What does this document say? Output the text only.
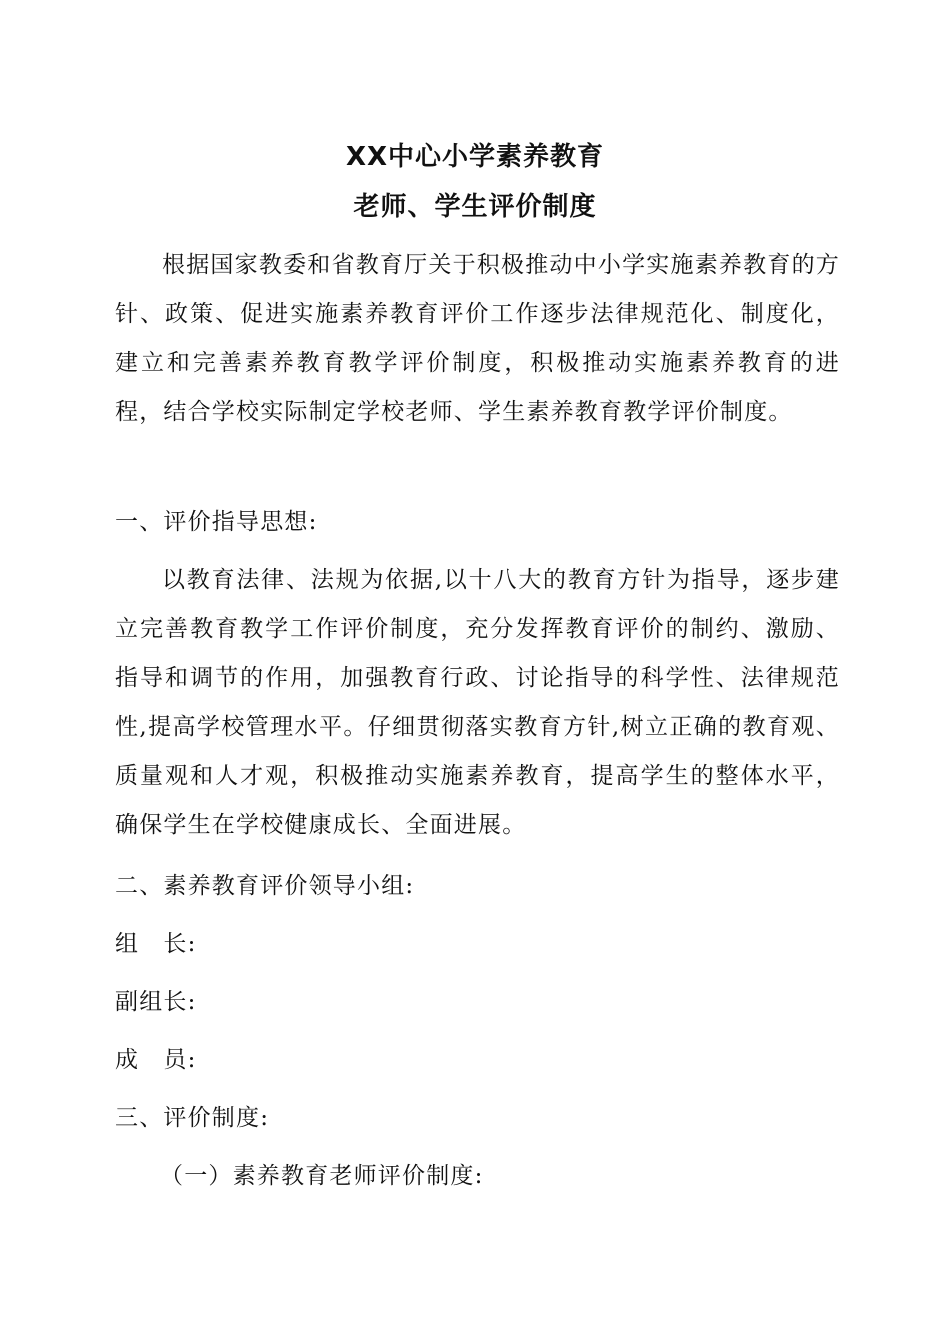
XX中心小学素养教育
老师、学生评价制度

根据国家教委和省教育厅关于积极推动中小学实施素养教育的方针、政策、促进实施素养教育评价工作逐步法律规范化、制度化，建立和完善素养教育教学评价制度，积极推动实施素养教育的进程，结合学校实际制定学校老师、学生素养教育教学评价制度。

一、评价指导思想:

以教育法律、法规为依据,以十八大的教育方针为指导，逐步建立完善教育教学工作评价制度，充分发挥教育评价的制约、激励、指导和调节的作用，加强教育行政、讨论指导的科学性、法律规范性,提高学校管理水平。仔细贯彻落实教育方针,树立正确的教育观、质量观和人才观，积极推动实施素养教育，提高学生的整体水平，确保学生在学校健康成长、全面进展。

二、素养教育评价领导小组:

组　长:

副组长:

成　员:

三、评价制度:

（一）素养教育老师评价制度:
